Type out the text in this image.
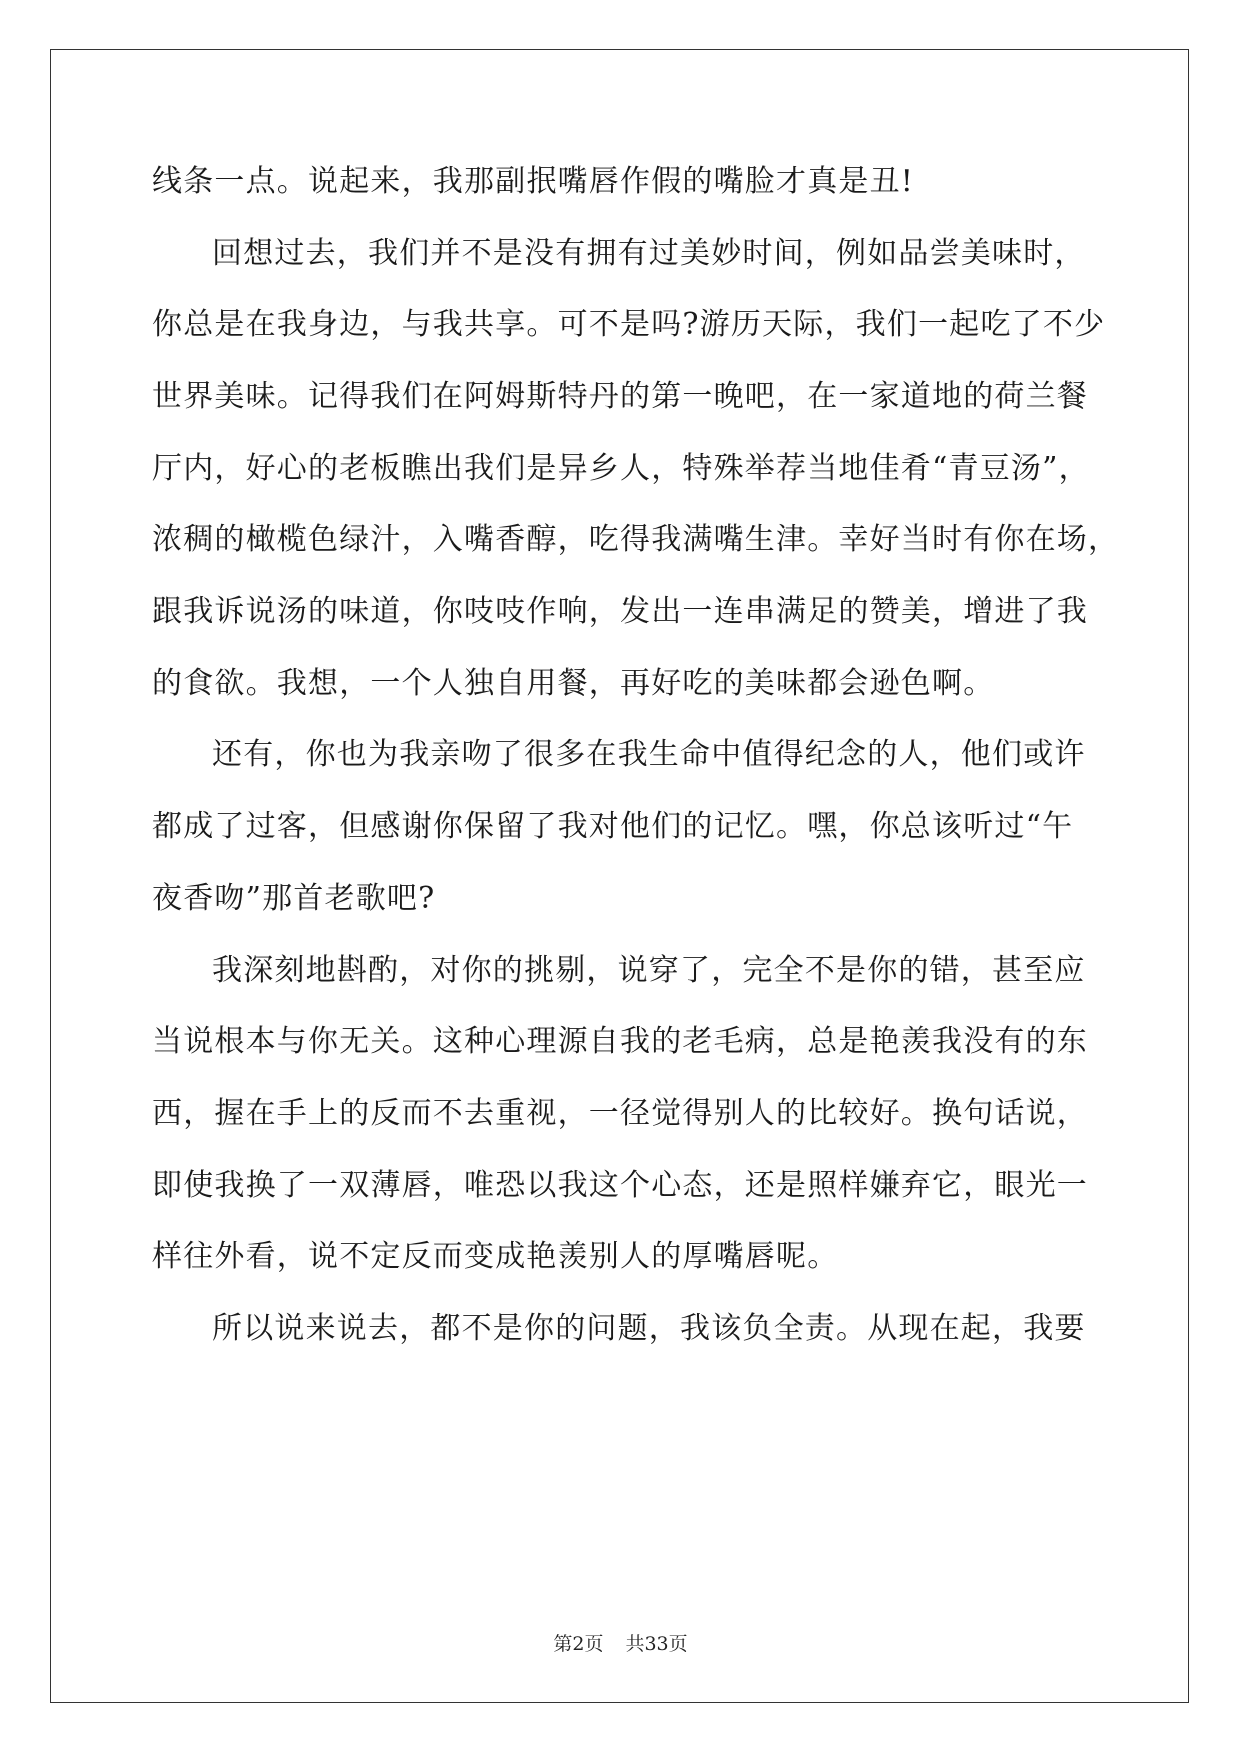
线条一点。说起来，我那副抿嘴唇作假的嘴脸才真是丑!
回想过去，我们并不是没有拥有过美妙时间，例如品尝美味时，
你总是在我身边，与我共享。可不是吗?游历天际，我们一起吃了不少
世界美味。记得我们在阿姆斯特丹的第一晚吧，在一家道地的荷兰餐
厅内，好心的老板瞧出我们是异乡人，特殊举荐当地佳肴“青豆汤”，
浓稠的橄榄色绿汁，入嘴香醇，吃得我满嘴生津。幸好当时有你在场，
跟我诉说汤的味道，你吱吱作响，发出一连串满足的赞美，增进了我
的食欲。我想，一个人独自用餐，再好吃的美味都会逊色啊。
还有，你也为我亲吻了很多在我生命中值得纪念的人，他们或许
都成了过客，但感谢你保留了我对他们的记忆。嘿，你总该听过“午
夜香吻”那首老歌吧?
我深刻地斟酌，对你的挑剔，说穿了，完全不是你的错，甚至应
当说根本与你无关。这种心理源自我的老毛病，总是艳羡我没有的东
西，握在手上的反而不去重视，一径觉得别人的比较好。换句话说，
即使我换了一双薄唇，唯恐以我这个心态，还是照样嫌弃它，眼光一
样往外看，说不定反而变成艳羡别人的厚嘴唇呢。
所以说来说去，都不是你的问题，我该负全责。从现在起，我要
第2页 共33页
